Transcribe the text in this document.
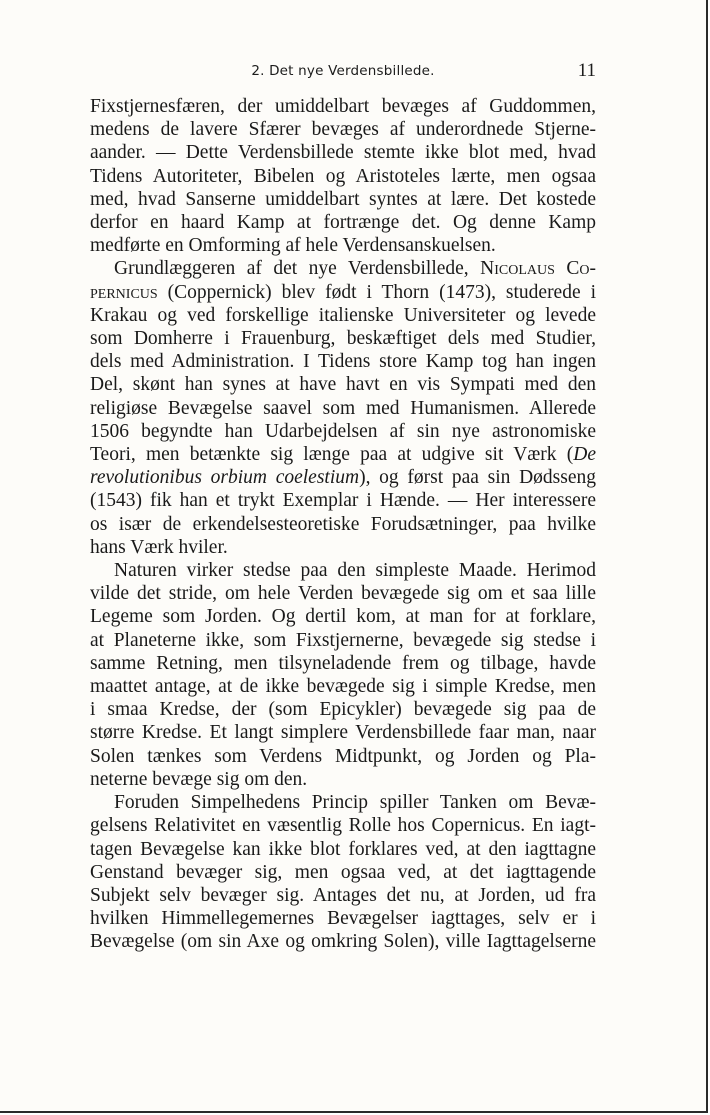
2. Det nye Verdensbillede.	11
Fixstjernesfæren, der umiddelbart bevæges af Guddommen,
medens de lavere Sfærer bevæges af underordnede Stjerne-
aander. — Dette Verdensbillede stemte ikke blot med, hvad
Tidens Autoriteter, Bibelen og Aristoteles lærte, men ogsaa
med, hvad Sanserne umiddelbart syntes at lære. Det kostede
derfor en haard Kamp at fortrænge det. Og denne Kamp
medførte en Omforming af hele Verdensanskuelsen.
Grundlæggeren af det nye Verdensbillede, Nicolaus Co-
pernicus (Coppernick) blev født i Thorn (1473), studerede i
Krakau og ved forskellige italienske Universiteter og levede
som Domherre i Frauenburg, beskæftiget dels med Studier,
dels med Administration. I Tidens store Kamp tog han ingen
Del, skønt han synes at have havt en vis Sympati med den
religiøse Bevægelse saavel som med Humanismen. Allerede
1506 begyndte han Udarbejdelsen af sin nye astronomiske
Teori, men betænkte sig længe paa at udgive sit Værk (De
revolutionibus orbium coelestium), og først paa sin Dødsseng
(1543) fik han et trykt Exemplar i Hænde. — Her interessere
os især de erkendelsesteoretiske Forudsætninger, paa hvilke
hans Værk hviler.
Naturen virker stedse paa den simpleste Maade. Herimod
vilde det stride, om hele Verden bevægede sig om et saa lille
Legeme som Jorden. Og dertil kom, at man for at forklare,
at Planeterne ikke, som Fixstjernerne, bevægede sig stedse i
samme Retning, men tilsyneladende frem og tilbage, havde
maattet antage, at de ikke bevægede sig i simple Kredse, men
i smaa Kredse, der (som Epicykler) bevægede sig paa de
større Kredse. Et langt simplere Verdensbillede faar man, naar
Solen tænkes som Verdens Midtpunkt, og Jorden og Pla-
neterne bevæge sig om den.
Foruden Simpelhedens Princip spiller Tanken om Bevæ-
gelsens Relativitet en væsentlig Rolle hos Copernicus. En iagt-
tagen Bevægelse kan ikke blot forklares ved, at den iagttagne
Genstand bevæger sig, men ogsaa ved, at det iagttagende
Subjekt selv bevæger sig. Antages det nu, at Jorden, ud fra
hvilken Himmellegemernes Bevægelser iagttages, selv er i
Bevægelse (om sin Axe og omkring Solen), ville Iagttagelserne
